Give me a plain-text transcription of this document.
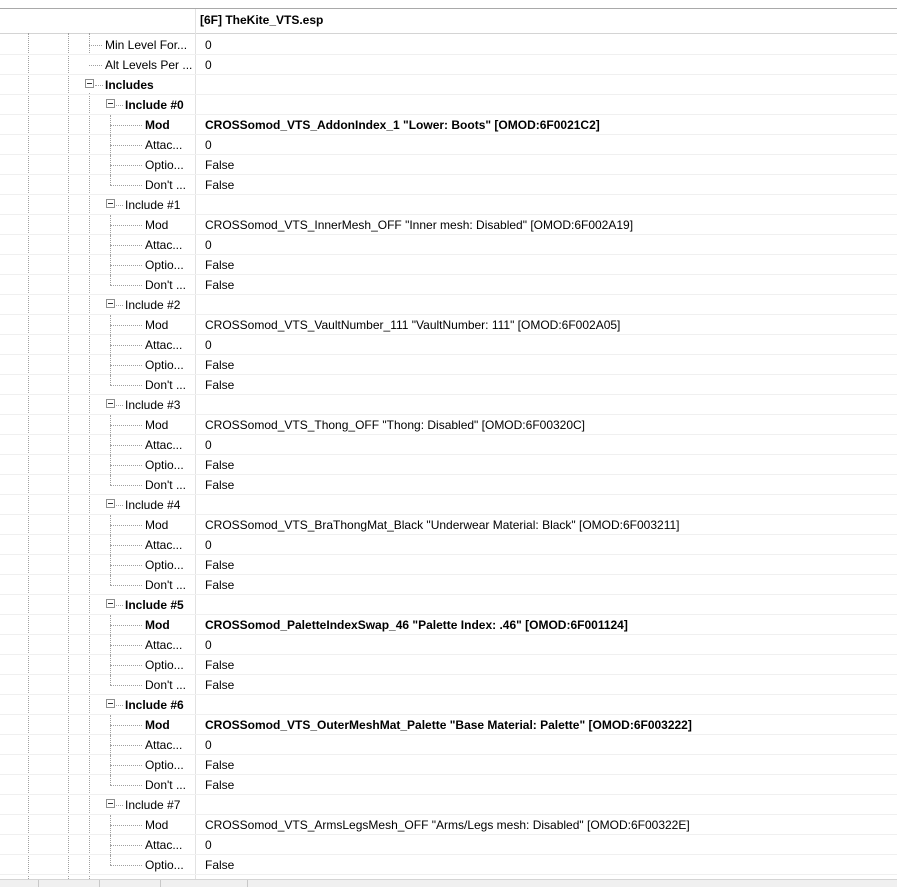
[6F] TheKite_VTS.esp
Min Level For... 0
Alt Levels Per ... 0
Includes
Include #0
Mod	CROSSomod_VTS_AddonIndex_1 "Lower: Boots" [OMOD:6F0021C2]
Attac... 0
Optio... False
Don't ... False
Include #1
Mod	CROSSomod_VTS_InnerMesh_OFF "Inner mesh: Disabled" [OMOD:6F002A19]
Attac... 0
Optio... False
Don't ... False
Include #2
Mod	CROSSomod_VTS_VaultNumber_111 "VaultNumber: 111" [OMOD:6F002A05]
Attac... 0
Optio... False
Don't ... False
Include #3
Mod	CROSSomod_VTS_Thong_OFF "Thong: Disabled" [OMOD:6F00320C]
Attac... 0
Optio... False
Don't ... False
Include #4
Mod	CROSSomod_VTS_BraThongMat_Black "Underwear Material: Black" [OMOD:6F003211]
Attac... 0
Optio... False
Don't ... False
Include #5
Mod	CROSSomod_PaletteIndexSwap_46 "Palette Index: .46" [OMOD:6F001124]
Attac... 0
Optio... False
Don't ... False
Include #6
Mod	CROSSomod_VTS_OuterMeshMat_Palette "Base Material: Palette" [OMOD:6F003222]
Attac... 0
Optio... False
Don't ... False
Include #7
Mod	CROSSomod_VTS_ArmsLegsMesh_OFF "Arms/Legs mesh: Disabled" [OMOD:6F00322E]
Attac... 0
Optio... False
